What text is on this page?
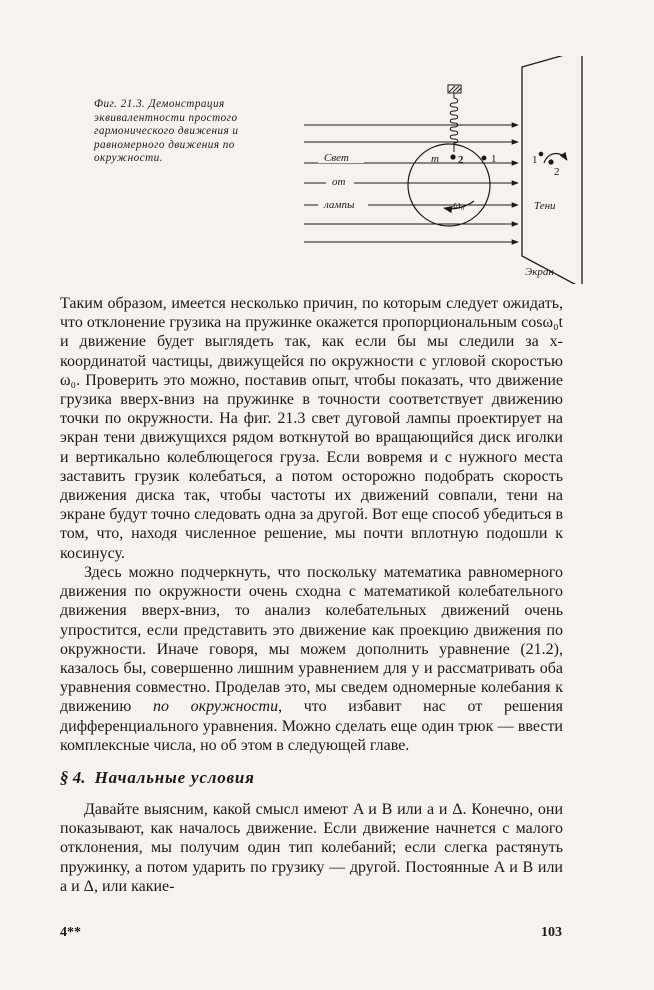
Фиг. 21.3. Демонстрация эквивалентности простого гармонического движения и равномерного движения по окружности.	m 2	1
ω₀
Свет
от
лампы
1
2
Тени
Экран

Таким образом, имеется несколько причин, по которым следует ожидать, что отклонение грузика на пружинке окажется пропорциональным cosω₀t и движение будет выглядеть так, как если бы мы следили за x-координатой частицы, движущейся по окружности с угловой скоростью ω₀. Проверить это можно, поставив опыт, чтобы показать, что движение грузика вверх-вниз на пружинке в точности соответствует движению точки по окружности. На фиг. 21.3 свет дуговой лампы проектирует на экран тени движущихся рядом воткнутой во вращающийся диск иголки и вертикально колеблющегося груза. Если вовремя и с нужного места заставить грузик колебаться, а потом осторожно подобрать скорость движения диска так, чтобы частоты их движений совпали, тени на экране будут точно следовать одна за другой. Вот еще способ убедиться в том, что, находя численное решение, мы почти вплотную подошли к косинусу.

Здесь можно подчеркнуть, что поскольку математика равномерного движения по окружности очень сходна с математикой колебательного движения вверх-вниз, то анализ колебательных движений очень упростится, если представить это движение как проекцию движения по окружности. Иначе говоря, мы можем дополнить уравнение (21.2), казалось бы, совершенно лишним уравнением для y и рассматривать оба уравнения совместно. Проделав это, мы сведем одномерные колебания к движению по окружности, что избавит нас от решения дифференциального уравнения. Можно сделать еще один трюк — ввести комплексные числа, но об этом в следующей главе.

§ 4. Начальные условия

Давайте выясним, какой смысл имеют A и B или a и Δ. Конечно, они показывают, как началось движение. Если движение начнется с малого отклонения, мы получим один тип колебаний; если слегка растянуть пружинку, а потом ударить по грузику — другой. Постоянные A и B или a и Δ, или какие-

4**	103
